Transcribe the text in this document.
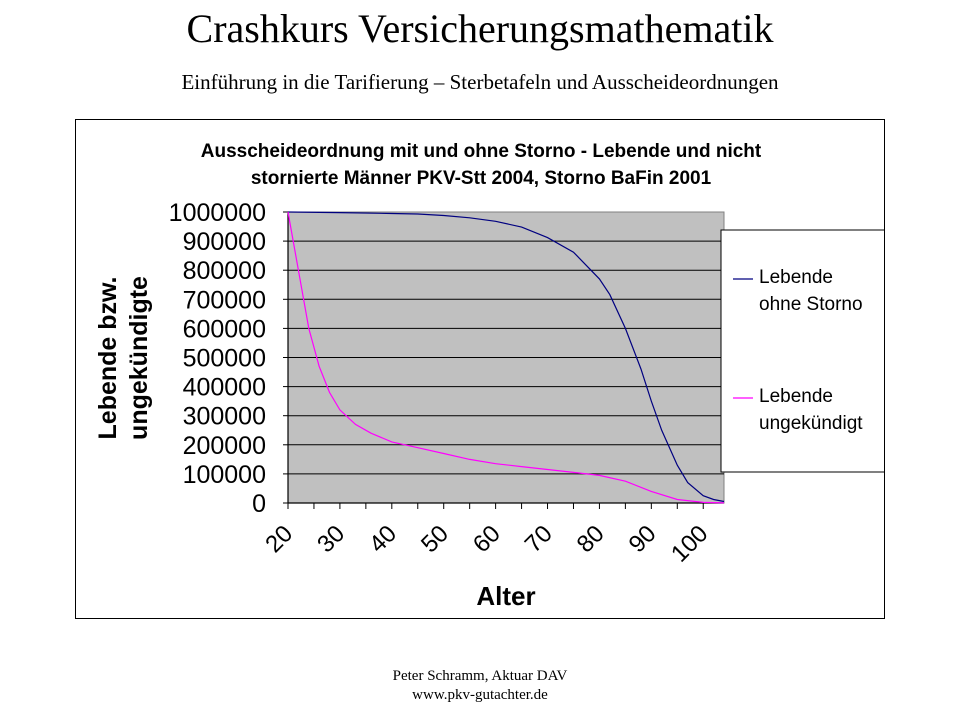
Crashkurs Versicherungsmathematik
Einführung in die Tarifierung – Sterbetafeln und Ausscheideordnungen
Ausscheideordnung mit und ohne Storno - Lebende und nicht
stornierte Männer PKV-Stt 2004, Storno BaFin 2001
1000000
900000
800000
700000
600000
500000
400000
300000
200000
100000
0
20 30 40 50 60 70 80 90 100
Alter
Lebende bzw. ungekündigte	Lebende
ohne Storno
Lebende
ungekündigt
Peter Schramm, Aktuar DAV
www.pkv-gutachter.de
